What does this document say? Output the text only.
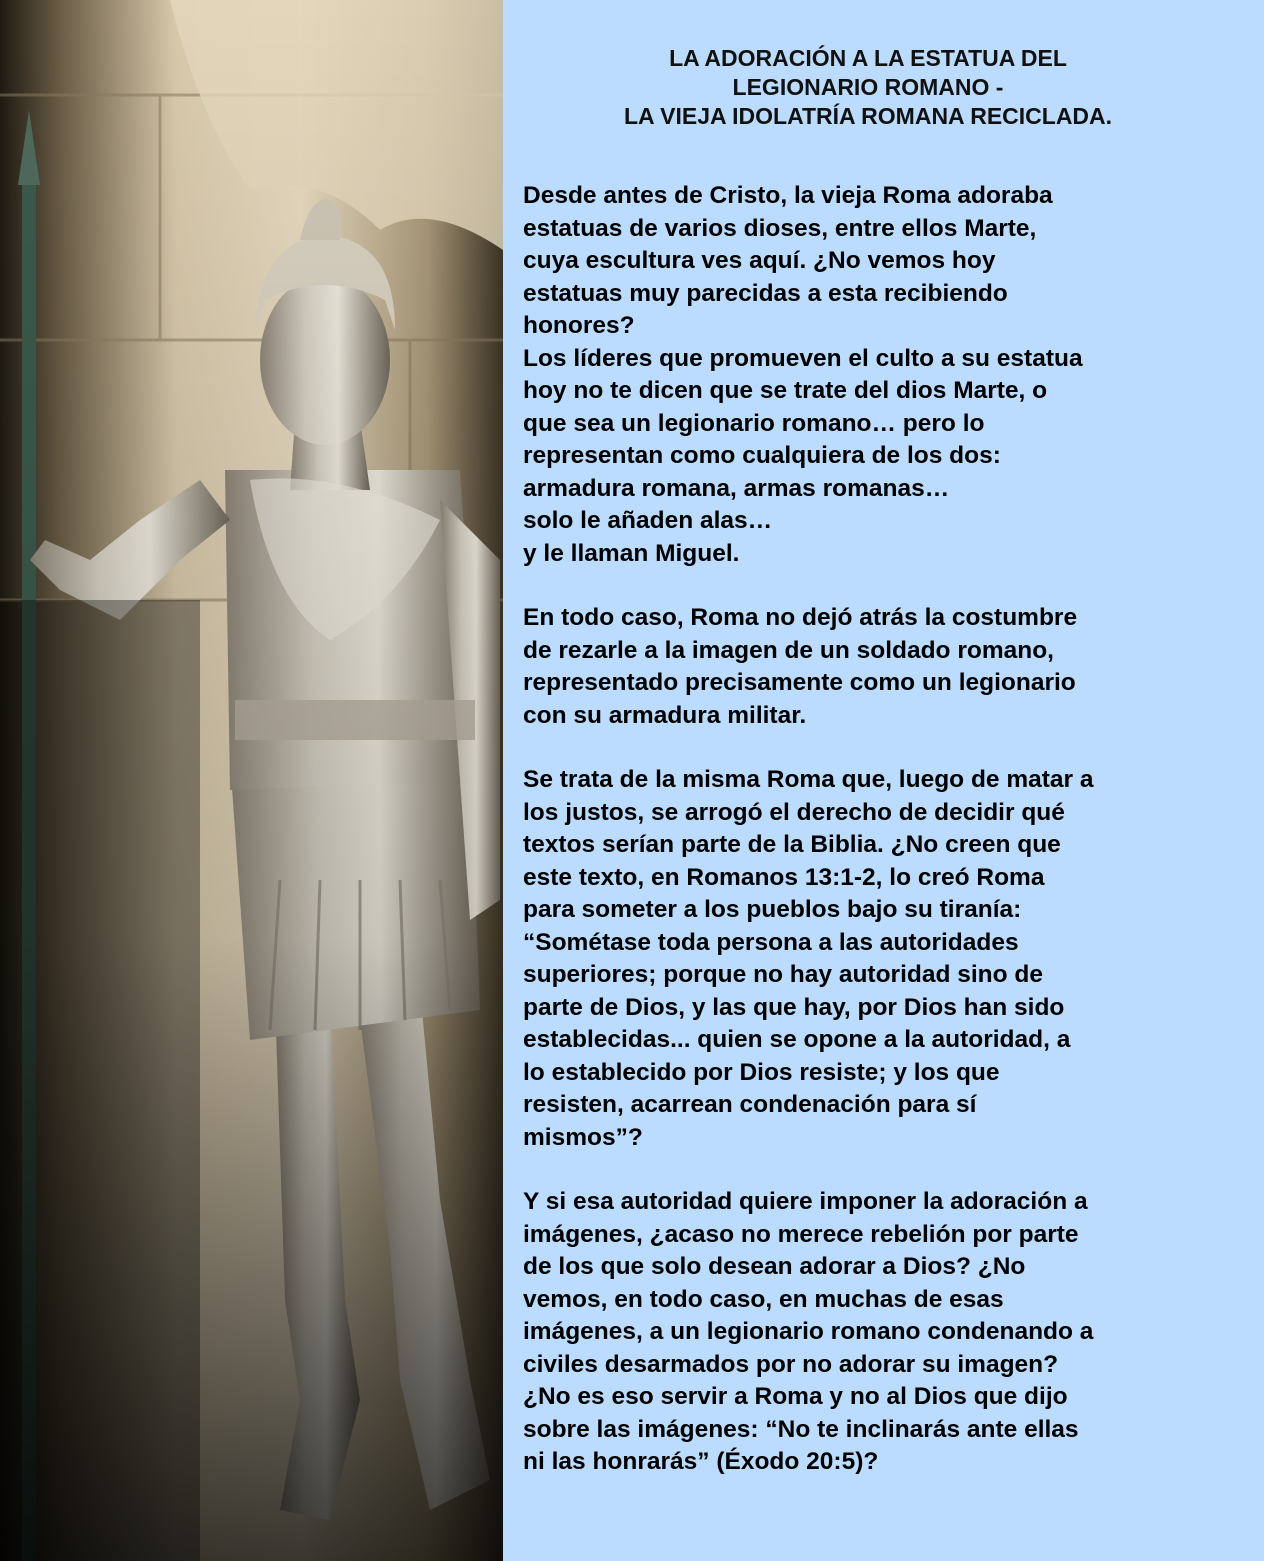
LA ADORACIÓN A LA ESTATUA DEL
LEGIONARIO ROMANO -
LA VIEJA IDOLATRÍA ROMANA RECICLADA.

Desde antes de Cristo, la vieja Roma adoraba
estatuas de varios dioses, entre ellos Marte,
cuya escultura ves aquí. ¿No vemos hoy
estatuas muy parecidas a esta recibiendo
honores?
Los líderes que promueven el culto a su estatua
hoy no te dicen que se trate del dios Marte, o
que sea un legionario romano… pero lo
representan como cualquiera de los dos:
armadura romana, armas romanas…
solo le añaden alas…
y le llaman Miguel.

En todo caso, Roma no dejó atrás la costumbre
de rezarle a la imagen de un soldado romano,
representado precisamente como un legionario
con su armadura militar.

Se trata de la misma Roma que, luego de matar a
los justos, se arrogó el derecho de decidir qué
textos serían parte de la Biblia. ¿No creen que
este texto, en Romanos 13:1-2, lo creó Roma
para someter a los pueblos bajo su tiranía:
“Sométase toda persona a las autoridades
superiores; porque no hay autoridad sino de
parte de Dios, y las que hay, por Dios han sido
establecidas... quien se opone a la autoridad, a
lo establecido por Dios resiste; y los que
resisten, acarrean condenación para sí
mismos”?

Y si esa autoridad quiere imponer la adoración a
imágenes, ¿acaso no merece rebelión por parte
de los que solo desean adorar a Dios? ¿No
vemos, en todo caso, en muchas de esas
imágenes, a un legionario romano condenando a
civiles desarmados por no adorar su imagen?
¿No es eso servir a Roma y no al Dios que dijo
sobre las imágenes: “No te inclinarás ante ellas
ni las honrarás” (Éxodo 20:5)?
